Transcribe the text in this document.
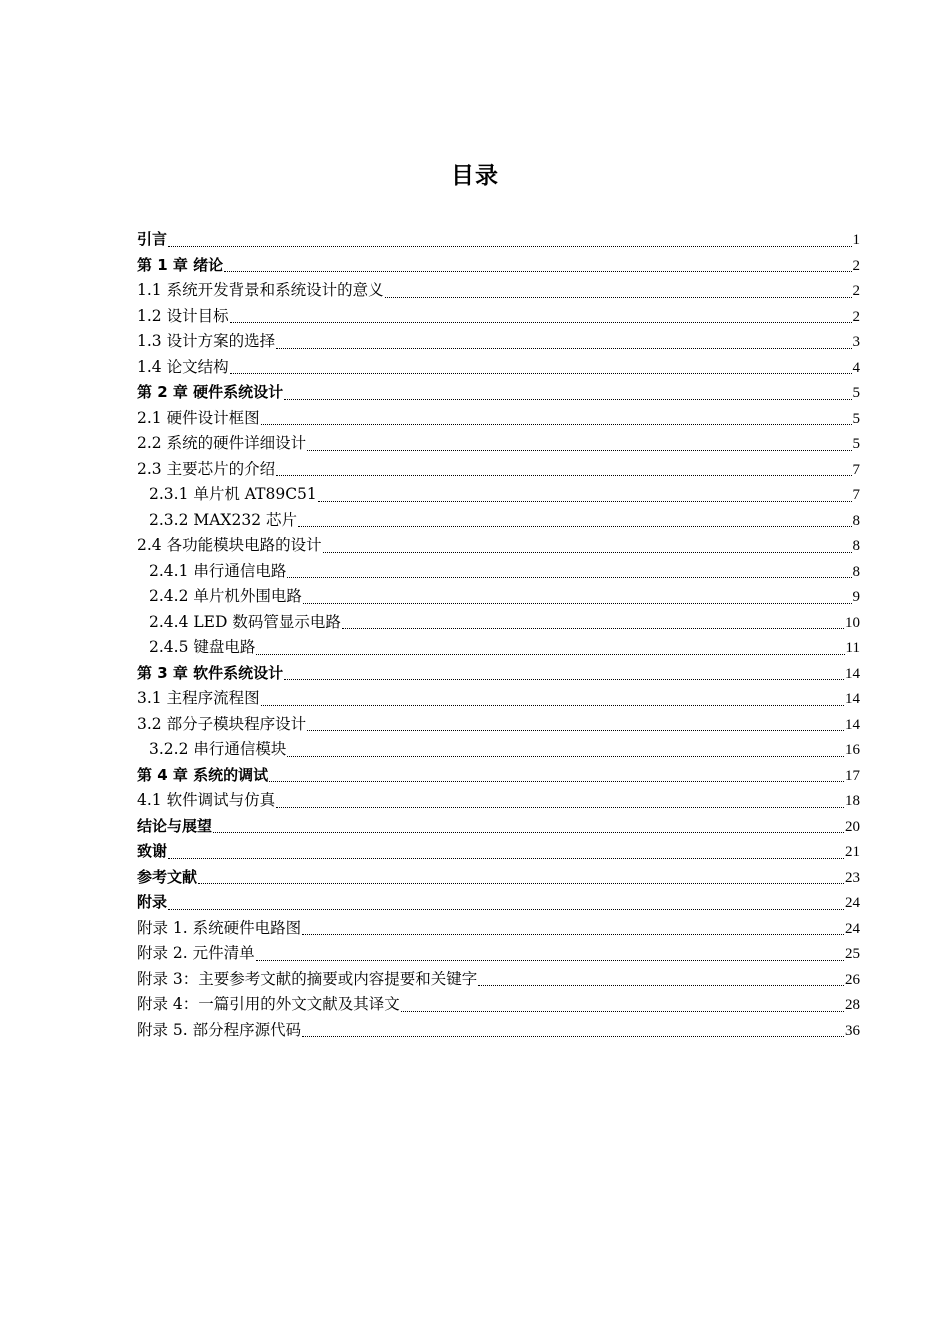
目录
引言	1
第 1 章 绪论	2
1.1 系统开发背景和系统设计的意义	2
1.2 设计目标	2
1.3 设计方案的选择	3
1.4 论文结构	4
第 2 章 硬件系统设计	5
2.1 硬件设计框图	5
2.2 系统的硬件详细设计	5
2.3 主要芯片的介绍	7
2.3.1 单片机 AT89C51	7
2.3.2 MAX232 芯片	8
2.4 各功能模块电路的设计	8
2.4.1 串行通信电路	8
2.4.2 单片机外围电路	9
2.4.4 LED 数码管显示电路	10
2.4.5 键盘电路	11
第 3 章 软件系统设计	14
3.1 主程序流程图	14
3.2 部分子模块程序设计	14
3.2.2 串行通信模块	16
第 4 章 系统的调试	17
4.1 软件调试与仿真	18
结论与展望	20
致谢	21
参考文献	23
附录	24
附录 1. 系统硬件电路图	24
附录 2. 元件清单	25
附录 3：主要参考文献的摘要或内容提要和关键字	26
附录 4：一篇引用的外文文献及其译文	28
附录 5. 部分程序源代码	36
